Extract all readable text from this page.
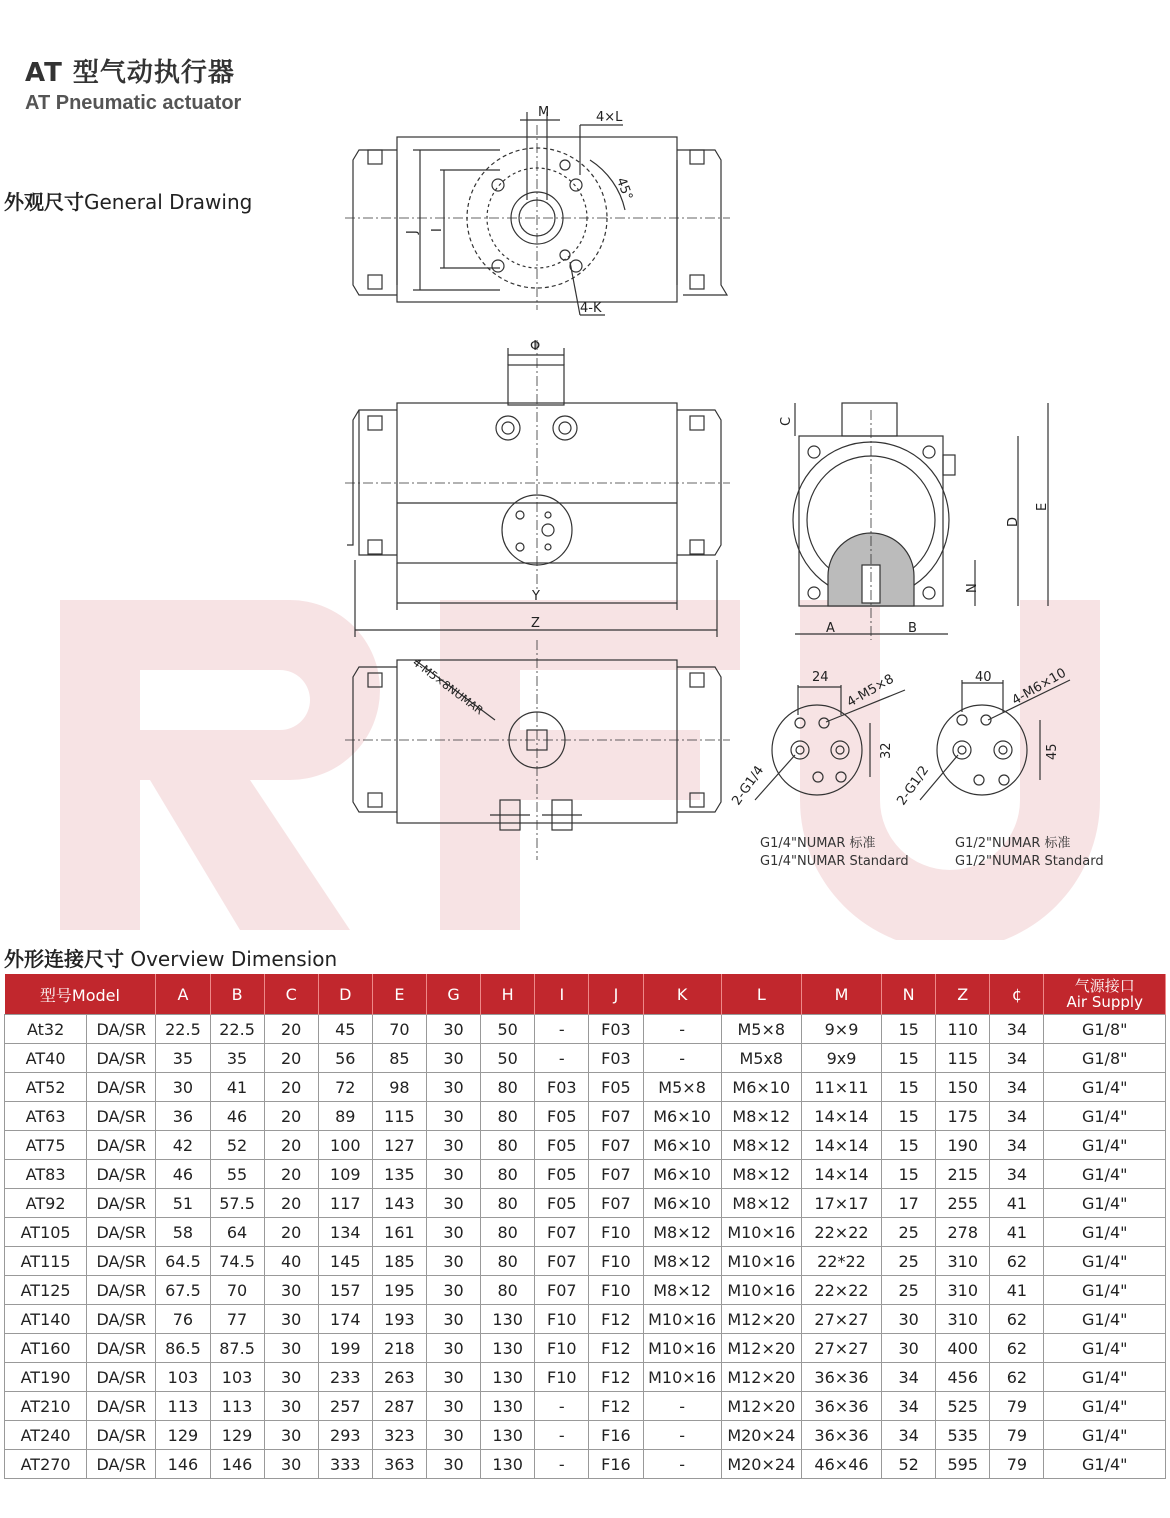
AT 型气动执行器
AT Pneumatic actuator
外观尺寸General Drawing
外形连接尺寸 Overview Dimension
M	4×L
45°
J
I
4-K
Φ
Y
Z
C
D
E
N
A	B
4-M5×8NUMAR	24 4-M5×8
32
2-G1/4
40 4-M6×10
45
2-G1/2
G1/4"NUMAR 标准
G1/4"NUMAR Standard
G1/2"NUMAR 标准
G1/2"NUMAR Standard
型号Model		A	B	C	D	E	G	H	I	J	K	L	M	N	Z	¢	气源接口
Air Supply

At32	DA/SR	22.5	22.5	20	45	70	30	50	-	F03	-	M5×8	9×9	15	110	34	G1/8"
AT40	DA/SR	35	35	20	56	85	30	50	-	F03	-	M5x8	9x9	15	115	34	G1/8"
AT52	DA/SR	30	41	20	72	98	30	80	F03	F05	M5×8	M6×10	11×11	15	150	34	G1/4"
AT63	DA/SR	36	46	20	89	115	30	80	F05	F07	M6×10	M8×12	14×14	15	175	34	G1/4"
AT75	DA/SR	42	52	20	100	127	30	80	F05	F07	M6×10	M8×12	14×14	15	190	34	G1/4"
AT83	DA/SR	46	55	20	109	135	30	80	F05	F07	M6×10	M8×12	14×14	15	215	34	G1/4"
AT92	DA/SR	51	57.5	20	117	143	30	80	F05	F07	M6×10	M8×12	17×17	17	255	41	G1/4"
AT105	DA/SR	58	64	20	134	161	30	80	F07	F10	M8×12	M10×16	22×22	25	278	41	G1/4"
AT115	DA/SR	64.5	74.5	40	145	185	30	80	F07	F10	M8×12	M10×16	22*22	25	310	62	G1/4"
AT125	DA/SR	67.5	70	30	157	195	30	80	F07	F10	M8×12	M10×16	22×22	25	310	41	G1/4"
AT140	DA/SR	76	77	30	174	193	30	130	F10	F12	M10×16	M12×20	27×27	30	310	62	G1/4"
AT160	DA/SR	86.5	87.5	30	199	218	30	130	F10	F12	M10×16	M12×20	27×27	30	400	62	G1/4"
AT190	DA/SR	103	103	30	233	263	30	130	F10	F12	M10×16	M12×20	36×36	34	456	62	G1/4"
AT210	DA/SR	113	113	30	257	287	30	130	-	F12	-	M12×20	36×36	34	525	79	G1/4"
AT240	DA/SR	129	129	30	293	323	30	130	-	F16	-	M20×24	36×36	34	535	79	G1/4"
AT270	DA/SR	146	146	30	333	363	30	130	-	F16	-	M20×24	46×46	52	595	79	G1/4"
